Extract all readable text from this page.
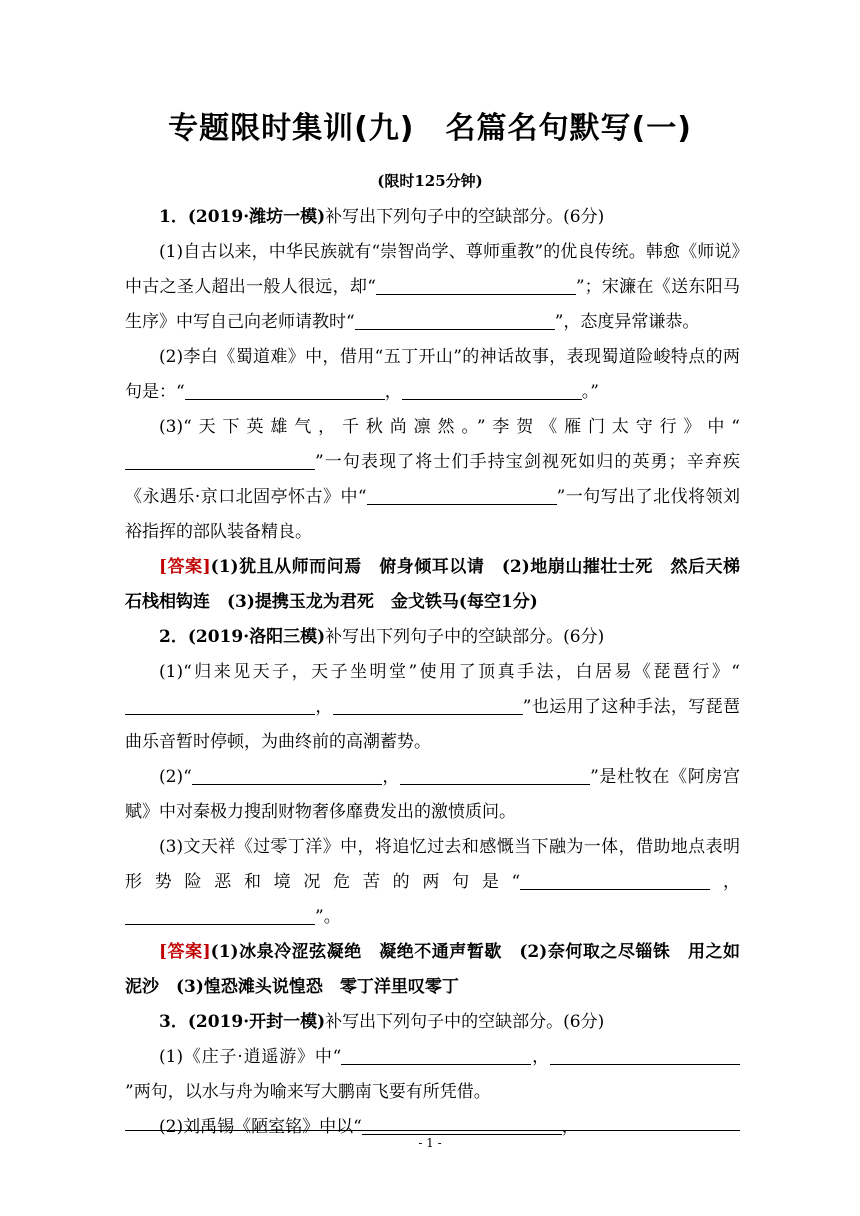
专题限时集训(九)　名篇名句默写(一)
(限时125分钟)

1．(2019·潍坊一模)补写出下列句子中的空缺部分。(6分)

(1)自古以来，中华民族就有“崇智尚学、尊师重教”的优良传统。韩愈《师说》中古之圣人超出一般人很远，却“	”；宋濂在《送东阳马生序》中写自己向老师请教时“	”，态度异常谦恭。

(2)李白《蜀道难》中，借用“五丁开山”的神话故事，表现蜀道险峻特点的两句是：“	，	。”

(3)“天下英雄气，千秋尚凛然。”李贺《雁门太守行》中“”一句表现了将士们手持宝剑视死如归的英勇；辛弃疾《永遇乐·京口北固亭怀古》中“	”一句写出了北伐将领刘裕指挥的部队装备精良。

[答案](1)犹且从师而问焉　俯身倾耳以请　(2)地崩山摧壮士死　然后天梯石栈相钩连　(3)提携玉龙为君死　金戈铁马(每空1分)

2．(2019·洛阳三模)补写出下列句子中的空缺部分。(6分)

(1)“归来见天子，天子坐明堂”使用了顶真手法，白居易《琵琶行》“，	”也运用了这种手法，写琵琶曲乐音暂时停顿，为曲终前的高潮蓄势。

(2)“	，	”是杜牧在《阿房宫赋》中对秦极力搜刮财物奢侈靡费发出的激愤质问。

(3)文天祥《过零丁洋》中，将追忆过去和感慨当下融为一体，借助地点表明形势险恶和境况危苦的两句是“	，”。

[答案](1)冰泉冷涩弦凝绝　凝绝不通声暂歇　(2)奈何取之尽锱铢　用之如泥沙　(3)惶恐滩头说惶恐　零丁洋里叹零丁

3．(2019·开封一模)补写出下列句子中的空缺部分。(6分)

(1)《庄子·逍遥游》中“	，”两句，以水与舟为喻来写大鹏南飞要有所凭借。

(2)刘禹锡《陋室铭》中以“	，

- 1 -
